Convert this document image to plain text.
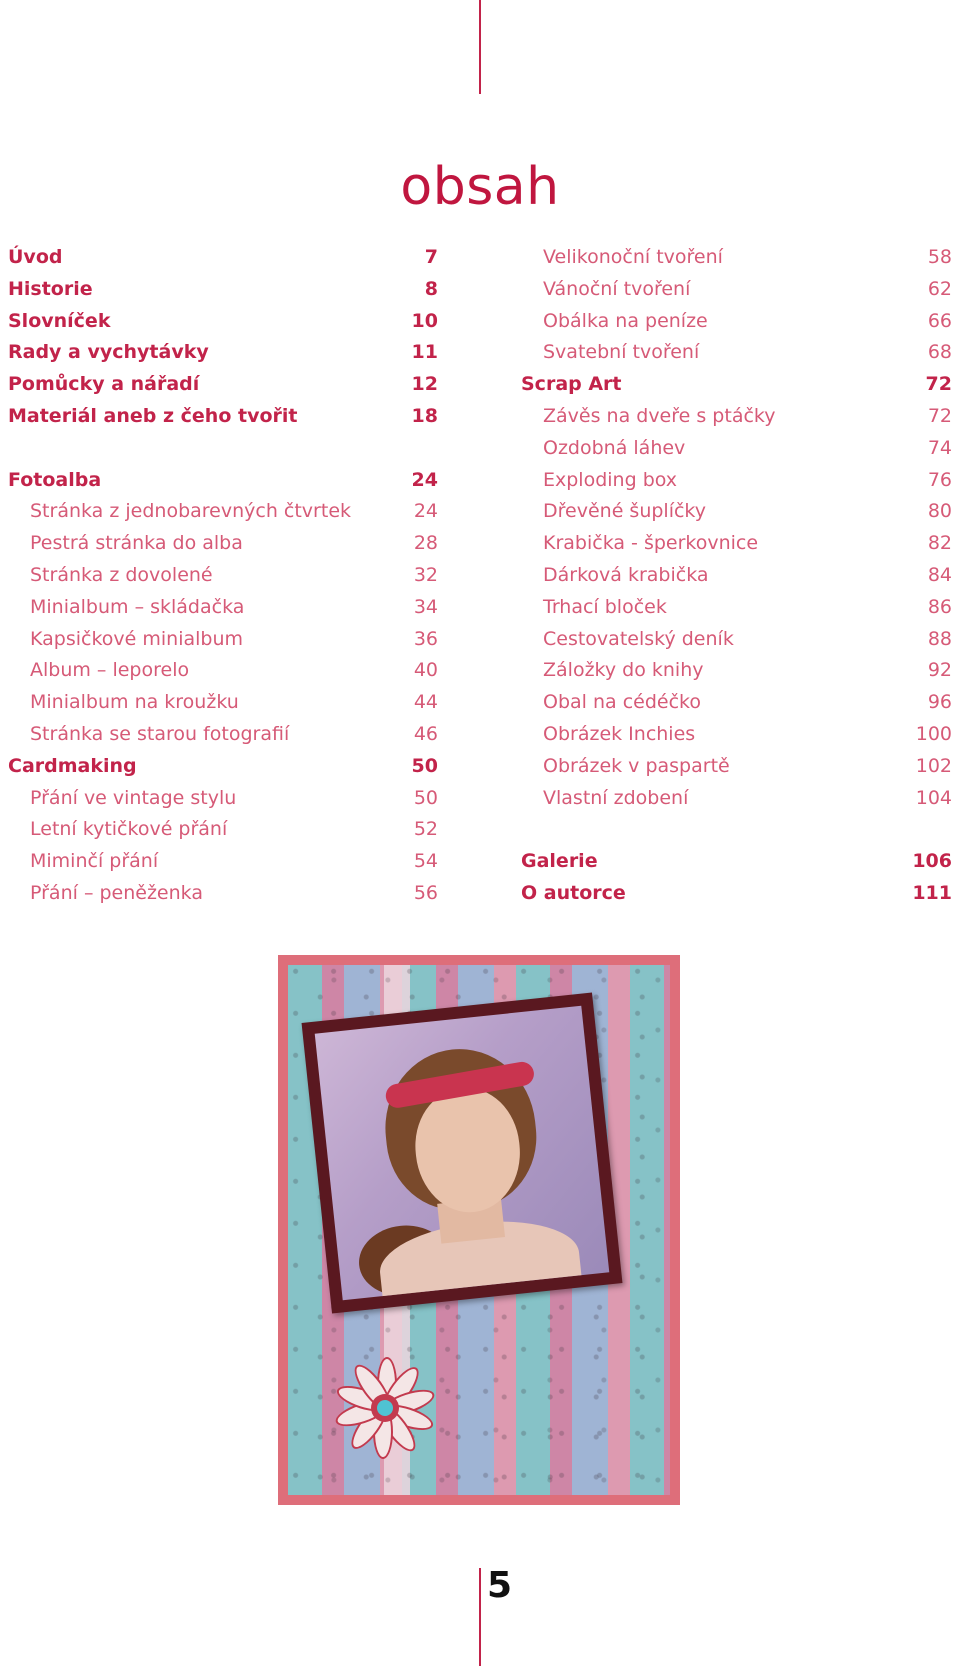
obsah
Úvod	7
Historie	8
Slovníček	10
Rady a vychytávky	11
Pomůcky a nářadí	12
Materiál aneb z čeho tvořit	18
Fotoalba	24
Stránka z jednobarevných čtvrtek	24
Pestrá stránka do alba	28
Stránka z dovolené	32
Minialbum – skládačka	34
Kapsičkové minialbum	36
Album – leporelo	40
Minialbum na kroužku	44
Stránka se starou fotografií	46
Cardmaking	50
Přání ve vintage stylu	50
Letní kytičkové přání	52
Miminčí přání	54
Přání – peněženka	56
Velikonoční tvoření	58
Vánoční tvoření	62
Obálka na peníze	66
Svatební tvoření	68
Scrap Art	72
Závěs na dveře s ptáčky	72
Ozdobná láhev	74
Exploding box	76
Dřevěné šuplíčky	80
Krabička - šperkovnice	82
Dárková krabička	84
Trhací bloček	86
Cestovatelský deník	88
Záložky do knihy	92
Obal na cédéčko	96
Obrázek Inchies	100
Obrázek v paspartě	102
Vlastní zdobení	104
Galerie	106
O autorce	111
5
